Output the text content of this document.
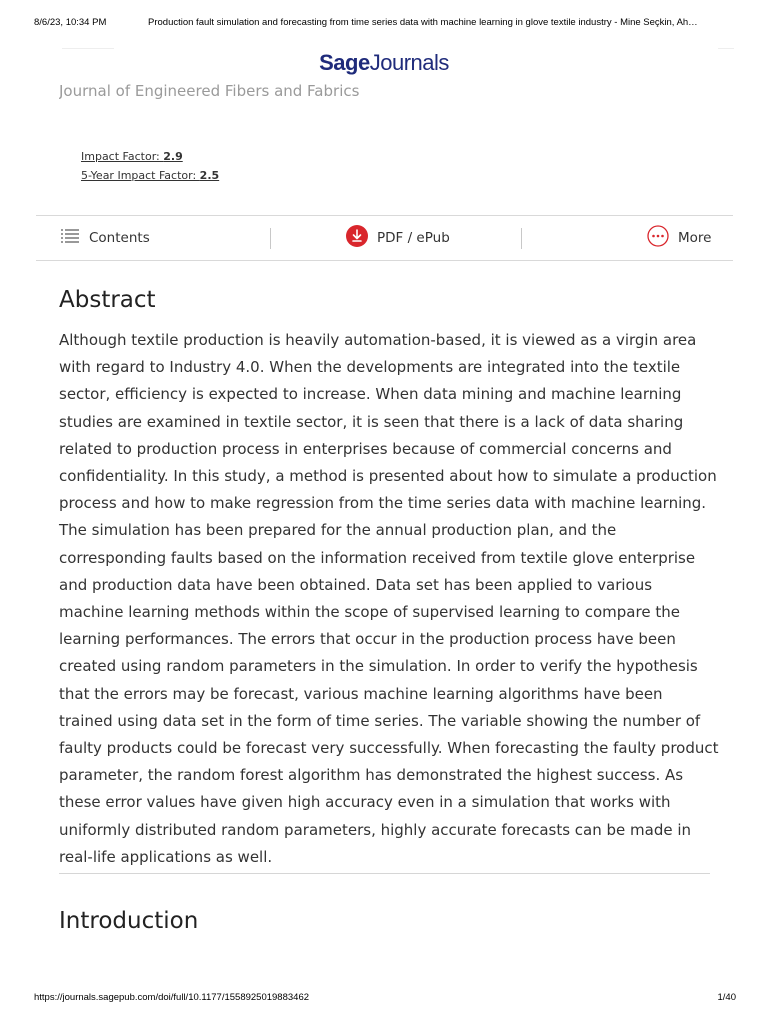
8/6/23, 10:34 PM	Production fault simulation and forecasting from time series data with machine learning in glove textile industry - Mine Seçkin, Ah…
SageJournals
Journal of Engineered Fibers and Fabrics
Impact Factor: 2.9
5-Year Impact Factor: 2.5
Contents	PDF / ePub	More
Abstract

Although textile production is heavily automation-based, it is viewed as a virgin area with regard to Industry 4.0. When the developments are integrated into the textile sector, efficiency is expected to increase. When data mining and machine learning studies are examined in textile sector, it is seen that there is a lack of data sharing related to production process in enterprises because of commercial concerns and confidentiality. In this study, a method is presented about how to simulate a production process and how to make regression from the time series data with machine learning. The simulation has been prepared for the annual production plan, and the corresponding faults based on the information received from textile glove enterprise and production data have been obtained. Data set has been applied to various machine learning methods within the scope of supervised learning to compare the learning performances. The errors that occur in the production process have been created using random parameters in the simulation. In order to verify the hypothesis that the errors may be forecast, various machine learning algorithms have been trained using data set in the form of time series. The variable showing the number of faulty products could be forecast very successfully. When forecasting the faulty product parameter, the random forest algorithm has demonstrated the highest success. As these error values have given high accuracy even in a simulation that works with uniformly distributed random parameters, highly accurate forecasts can be made in real-life applications as well.

Introduction
https://journals.sagepub.com/doi/full/10.1177/1558925019883462	1/40
